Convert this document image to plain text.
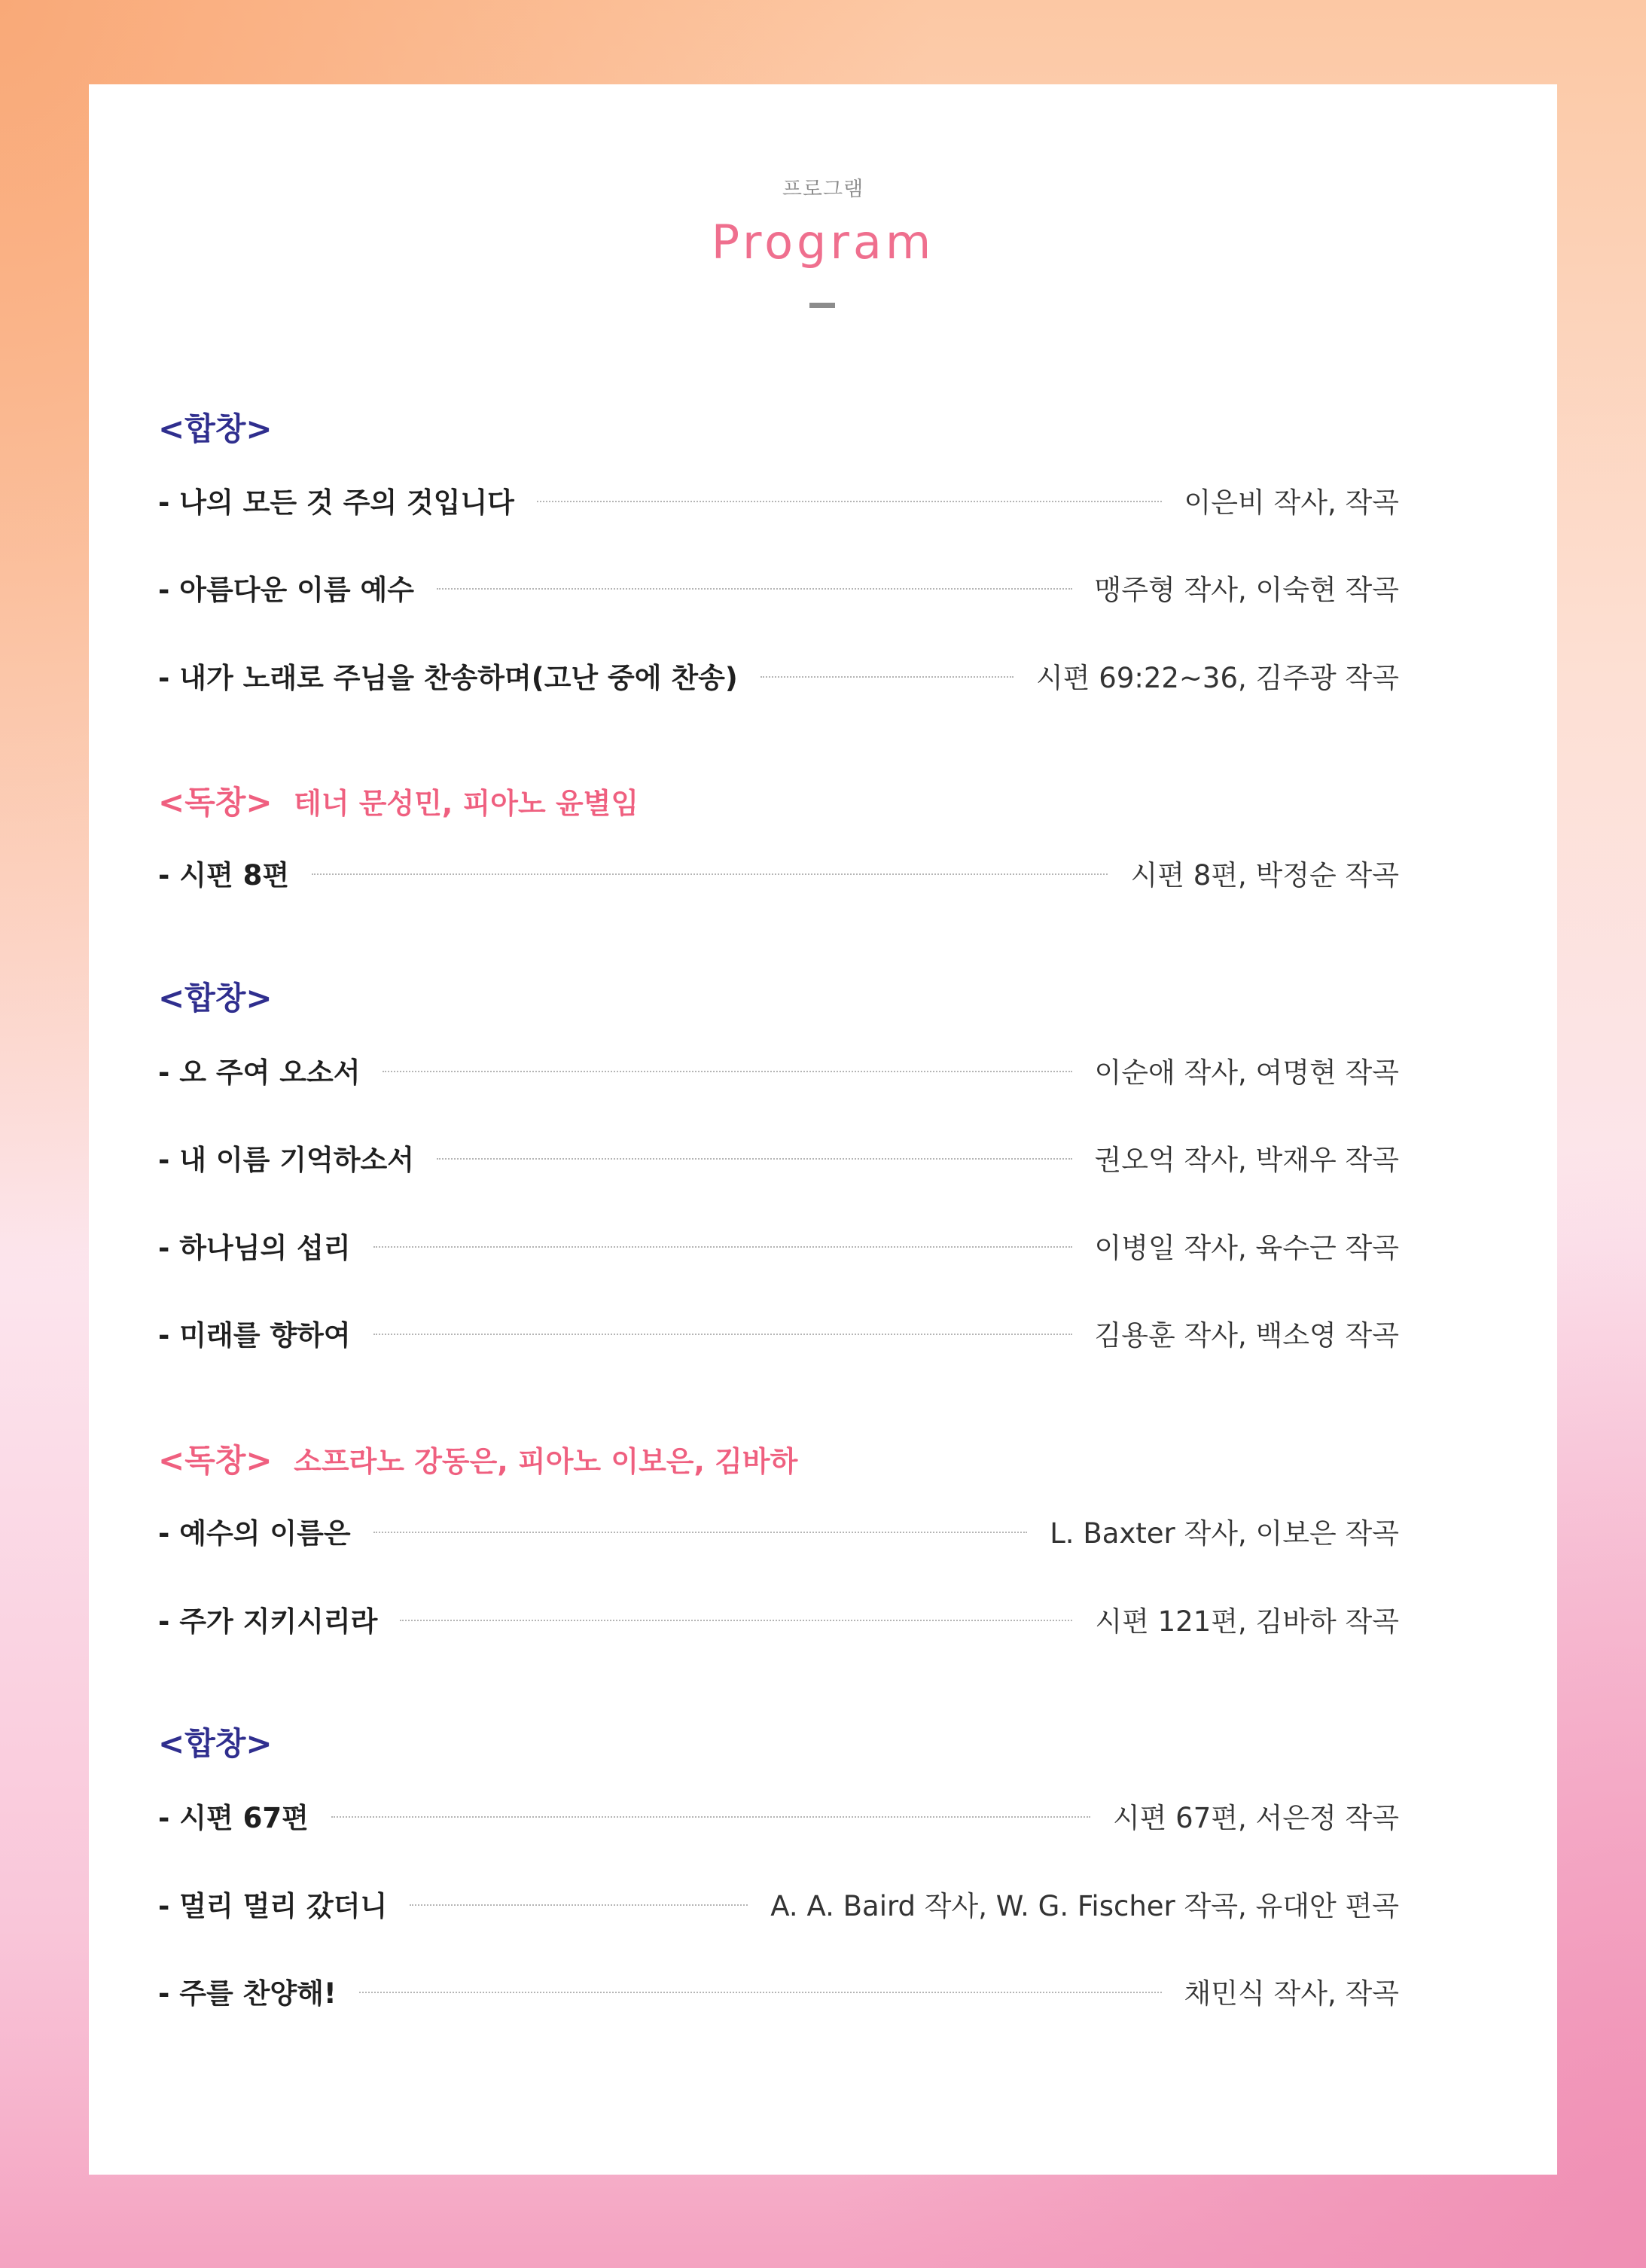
프로그램
Program
<합창>
- 나의 모든 것 주의 것입니다	이은비 작사, 작곡
- 아름다운 이름 예수	맹주형 작사, 이숙현 작곡
- 내가 노래로 주님을 찬송하며(고난 중에 찬송)	시편 69:22~36, 김주광 작곡
<독창> 테너 문성민, 피아노 윤별임
- 시편 8편	시편 8편, 박정순 작곡
<합창>
- 오 주여 오소서	이순애 작사, 여명현 작곡
- 내 이름 기억하소서	권오억 작사, 박재우 작곡
- 하나님의 섭리	이병일 작사, 육수근 작곡
- 미래를 향하여	김용훈 작사, 백소영 작곡
<독창> 소프라노 강동은, 피아노 이보은, 김바하
- 예수의 이름은	L. Baxter 작사, 이보은 작곡
- 주가 지키시리라	시편 121편, 김바하 작곡
<합창>
- 시편 67편	시편 67편, 서은정 작곡
- 멀리 멀리 갔더니	A. A. Baird 작사, W. G. Fischer 작곡, 유대안 편곡
- 주를 찬양해!	채민식 작사, 작곡
